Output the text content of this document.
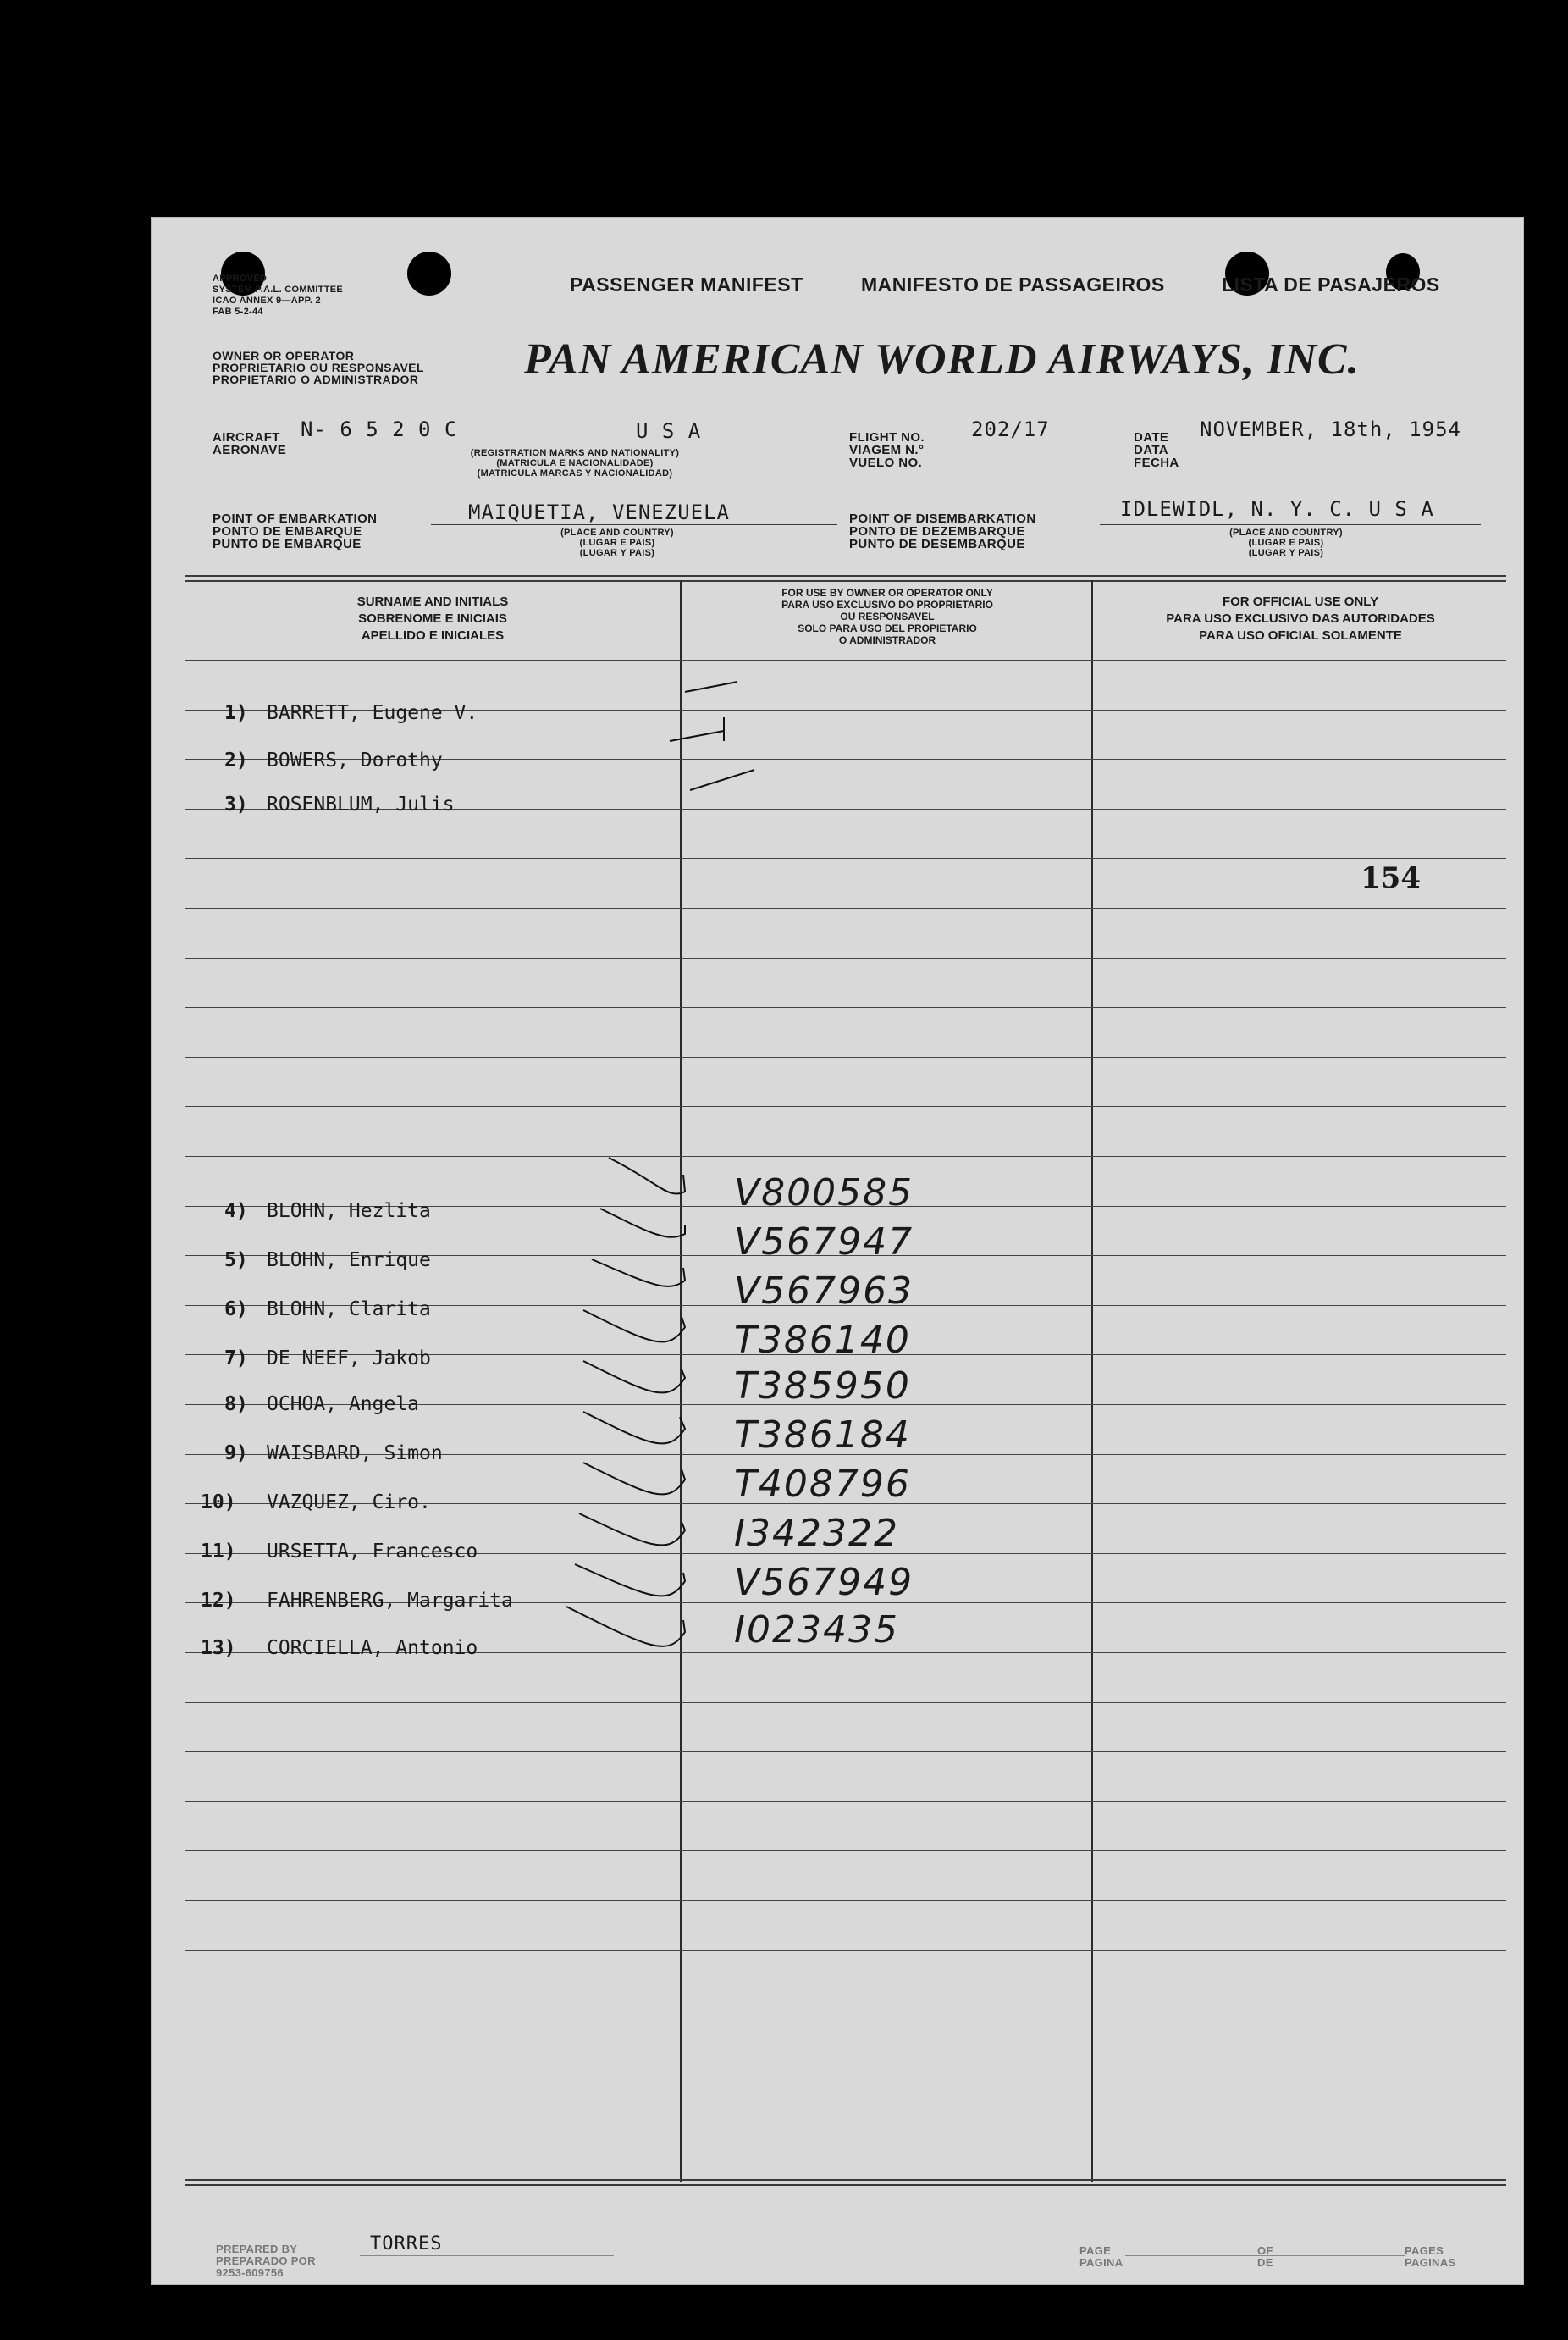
APPROVED
SYSTEM P.A.L. COMMITTEE
ICAO ANNEX 9—APP. 2
FAB 5-2-44
PASSENGER MANIFEST	MANIFESTO DE PASSAGEIROS	LISTA DE PASAJEROS
OWNER OR OPERATOR
PROPRIETARIO OU RESPONSAVEL
PROPIETARIO O ADMINISTRADOR PAN AMERICAN WORLD AIRWAYS, INC.
AIRCRAFT
AERONAVE
N- 6 5 2 0 C	U S A
(REGISTRATION MARKS AND NATIONALITY)
(MATRICULA E NACIONALIDADE)
(MATRICULA MARCAS Y NACIONALIDAD)
FLIGHT NO.
VIAGEM N.°
VUELO NO.
202/17	DATE
DATA
FECHA
NOVEMBER, 18th, 1954
POINT OF EMBARKATION
PONTO DE EMBARQUE
PUNTO DE EMBARQUE
MAIQUETIA, VENEZUELA
(PLACE AND COUNTRY)
(LUGAR E PAIS)
(LUGAR Y PAIS)
POINT OF DISEMBARKATION
PONTO DE DEZEMBARQUE
PUNTO DE DESEMBARQUE
IDLEWIDL, N. Y. C. U S A
(PLACE AND COUNTRY)
(LUGAR E PAIS)
(LUGAR Y PAIS)
SURNAME AND INITIALS
SOBRENOME E INICIAIS
APELLIDO E INICIALES
FOR USE BY OWNER OR OPERATOR ONLY
PARA USO EXCLUSIVO DO PROPRIETARIO
OU RESPONSAVEL
SOLO PARA USO DEL PROPIETARIO
O ADMINISTRADOR
FOR OFFICIAL USE ONLY
PARA USO EXCLUSIVO DAS AUTORIDADES
PARA USO OFICIAL SOLAMENTE
154
1) BARRETT, Eugene V.
2) BOWERS, Dorothy
3) ROSENBLUM, Julis
4) BLOHN, Hezlita	V800585
5) BLOHN, Enrique	V567947
6) BLOHN, Clarita	V567963
7) DE NEEF, Jakob	T386140
8) OCHOA, Angela	T385950
9) WAISBARD, Simon	T386184
10) VAZQUEZ, Ciro.	T408796
11) URSETTA, Francesco	I342322
12) FAHRENBERG, Margarita	V567949
13) CORCIELLA, Antonio	I023435
PREPARED BY
PREPARADO POR
9253-609756
TORRES	PAGE
PAGINA
OF
DE
PAGES
PAGINAS
